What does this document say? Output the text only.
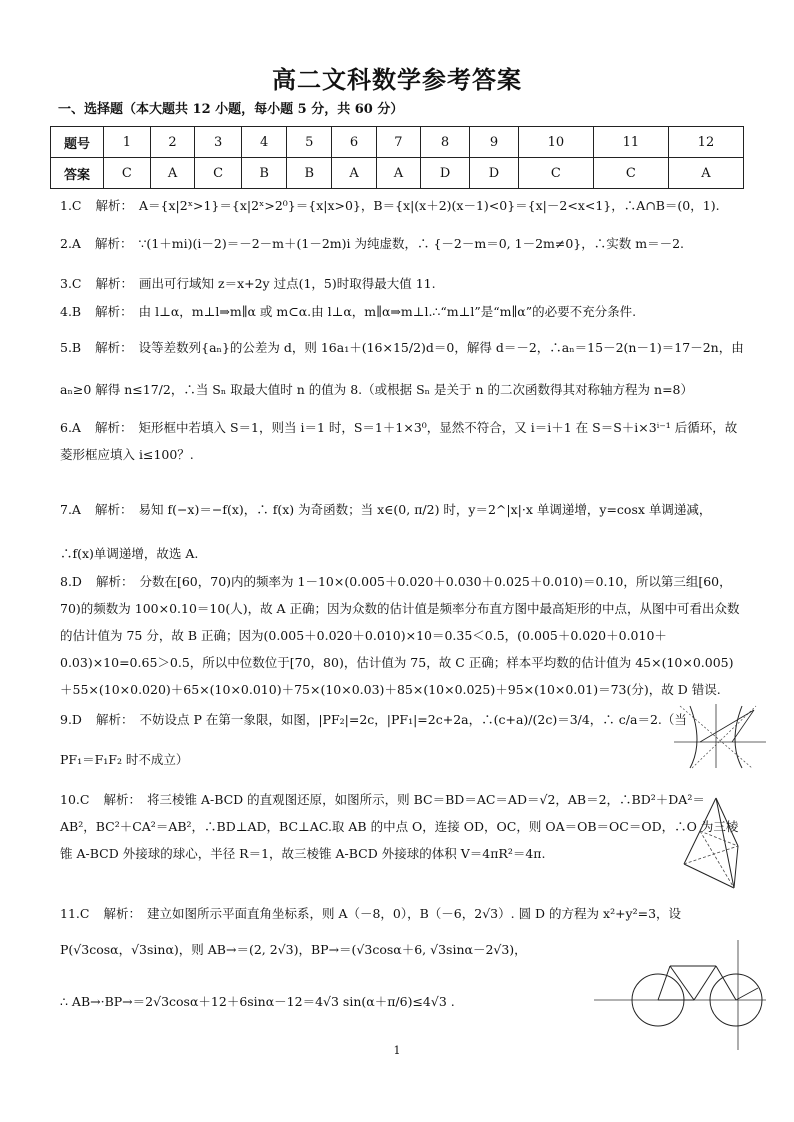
高二文科数学参考答案
一、选择题（本大题共 12 小题，每小题 5 分，共 60 分）
题号	1	2	3	4	5	6	7	8	9	10	11	12
答案	C	A	C	B	B	A	A	D	D	C	C	A
1.C 解析： A＝{x|2ˣ>1}＝{x|2ˣ>2⁰}＝{x|x>0}，B＝{x|(x＋2)(x－1)<0}＝{x|－2<x<1}，∴A∩B＝(0，1).
2.A 解析： ∵(1＋mi)(i－2)＝－2－m＋(1－2m)i 为纯虚数，∴ {－2－m＝0, 1－2m≠0}，∴实数 m＝－2.
3.C 解析： 画出可行域知 z＝x+2y 过点(1，5)时取得最大值 11.
4.B 解析： 由 l⊥α，m⊥l⇒m∥α 或 m⊂α.由 l⊥α，m∥α⇒m⊥l.∴“m⊥l”是“m∥α”的必要不充分条件.
5.B 解析： 设等差数列{aₙ}的公差为 d，则 16a₁＋(16×15/2)d＝0，解得 d＝－2，∴aₙ＝15－2(n－1)＝17－2n，由
aₙ≥0 解得 n≤17/2，∴当 Sₙ 取最大值时 n 的值为 8.（或根据 Sₙ 是关于 n 的二次函数得其对称轴方程为 n=8）
6.A 解析： 矩形框中若填入 S＝1，则当 i＝1 时，S＝1＋1×3⁰，显然不符合，又 i＝i＋1 在 S＝S＋i×3ⁱ⁻¹ 后循环，故菱形框应填入 i≤100？.
7.A 解析： 易知 f(−x)＝−f(x)，∴ f(x) 为奇函数；当 x∈(0, π/2) 时，y＝2^|x|·x 单调递增，y=cosx 单调递减，∴f(x)单调递增，故选 A.
8.D 解析： 分数在[60，70)内的频率为 1－10×(0.005＋0.020＋0.030＋0.025＋0.010)＝0.10，所以第三组[60，70)的频数为 100×0.10＝10(人)，故 A 正确；因为众数的估计值是频率分布直方图中最高矩形的中点，从图中可看出众数的估计值为 75 分，故 B 正确；因为(0.005＋0.020＋0.010)×10＝0.35＜0.5，(0.005＋0.020＋0.010＋0.03)×10=0.65＞0.5，所以中位数位于[70，80)，估计值为 75，故 C 正确；样本平均数的估计值为 45×(10×0.005)＋55×(10×0.020)＋65×(10×0.010)＋75×(10×0.03)＋85×(10×0.025)＋95×(10×0.01)＝73(分)，故 D 错误.
9.D 解析： 不妨设点 P 在第一象限，如图，|PF₂|=2c，|PF₁|=2c+2a，∴(c+a)/(2c)＝3/4，∴ c/a＝2.（当
PF₁＝F₁F₂ 时不成立）
10.C 解析： 将三棱锥 A-BCD 的直观图还原，如图所示，则 BC＝BD＝AC＝AD＝√2，AB＝2，∴BD²＋DA²＝AB²，BC²＋CA²＝AB²，∴BD⊥AD，BC⊥AC.取 AB 的中点 O，连接 OD，OC，则 OA＝OB＝OC＝OD，∴O 为三棱锥 A-BCD 外接球的球心，半径 R＝1，故三棱锥 A-BCD 外接球的体积 V＝4πR²＝4π.
11.C 解析： 建立如图所示平面直角坐标系，则 A（－8，0），B（－6，2√3）. 圆 D 的方程为 x²+y²=3，设
P(√3cosα，√3sinα)，则 AB→＝(2, 2√3)，BP→＝(√3cosα＋6, √3sinα－2√3)，
∴ AB→·BP→＝2√3cosα＋12＋6sinα－12＝4√3 sin(α＋π/6)≤4√3 .
1
